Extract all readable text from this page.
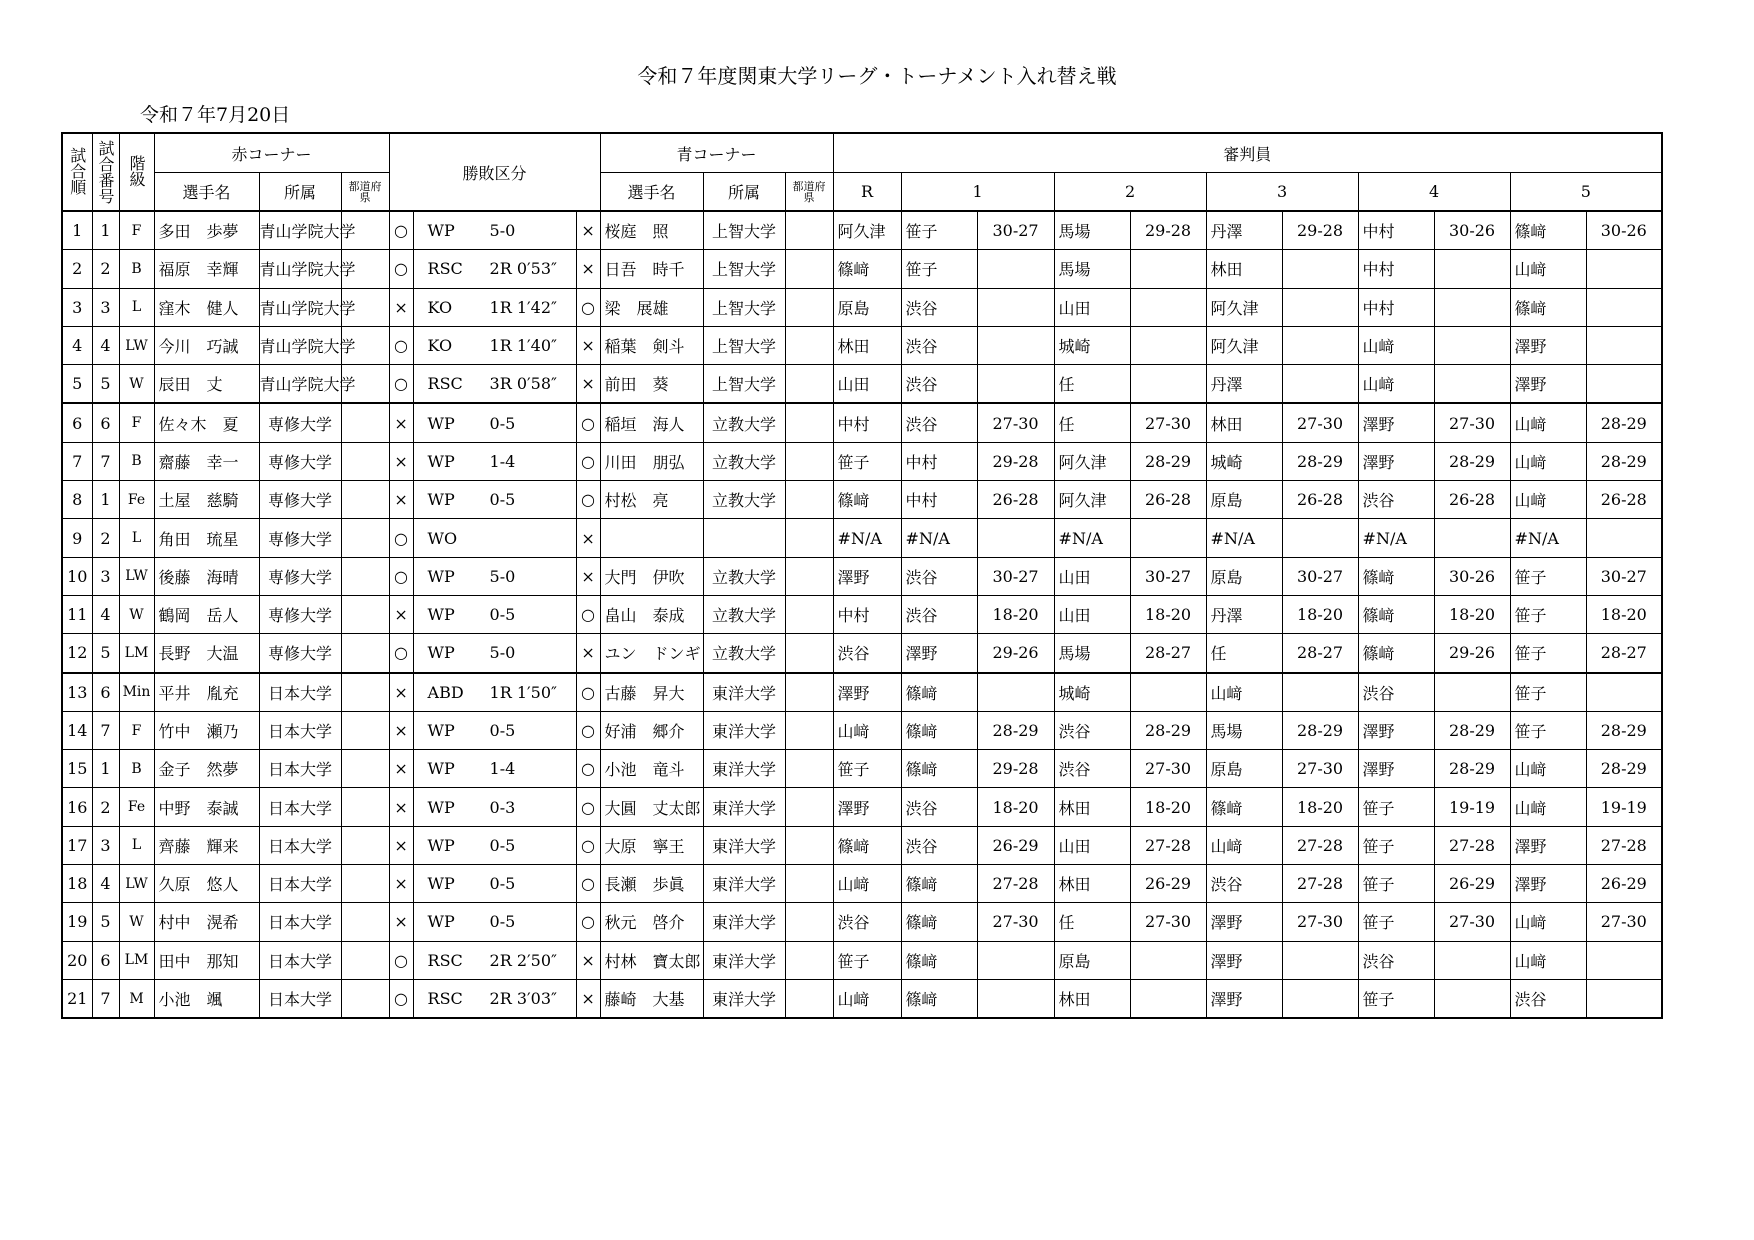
令和７年度関東大学リーグ・トーナメント入れ替え戦
令和７年7月20日
試合順	試合番号	階級	赤コーナー			勝敗区分			青コーナー			審判員										
			選手名	所属	都道府県				選手名	所属	都道府県	R	1		2		3		4		5	
1	1	F	多田　歩夢	青山学院大学		○	WP 5-0	×	桜庭　照	上智大学		阿久津	笹子	30-27	馬場	29-28	丹澤	29-28	中村	30-26	篠﨑	30-26
2	2	B	福原　幸輝	青山学院大学		○	RSC 2R 0′53″	×	日吾　時千	上智大学		篠﨑	笹子		馬場		林田		中村		山﨑	
3	3	L	窪木　健人	青山学院大学		×	KO 1R 1′42″	○	梁　展雄	上智大学		原島	渋谷		山田		阿久津		中村		篠﨑	
4	4	LW	今川　巧誠	青山学院大学		○	KO 1R 1′40″	×	稲葉　剣斗	上智大学		林田	渋谷		城崎		阿久津		山﨑		澤野	
5	5	W	辰田　丈	青山学院大学		○	RSC 3R 0′58″	×	前田　葵	上智大学		山田	渋谷		任		丹澤		山﨑		澤野	
6	6	F	佐々木　夏	専修大学		×	WP 0-5	○	稲垣　海人	立教大学		中村	渋谷	27-30	任	27-30	林田	27-30	澤野	27-30	山﨑	28-29
7	7	B	齋藤　幸一	専修大学		×	WP 1-4	○	川田　朋弘	立教大学		笹子	中村	29-28	阿久津	28-29	城崎	28-29	澤野	28-29	山﨑	28-29
8	1	Fe	土屋　慈騎	専修大学		×	WP 0-5	○	村松　亮	立教大学		篠﨑	中村	26-28	阿久津	26-28	原島	26-28	渋谷	26-28	山﨑	26-28
9	2	L	角田　琉星	専修大学		○	WO	×				#N/A	#N/A		#N/A		#N/A		#N/A		#N/A	
10	3	LW	後藤　海晴	専修大学		○	WP 5-0	×	大門　伊吹	立教大学		澤野	渋谷	30-27	山田	30-27	原島	30-27	篠﨑	30-26	笹子	30-27
11	4	W	鶴岡　岳人	専修大学		×	WP 0-5	○	畠山　泰成	立教大学		中村	渋谷	18-20	山田	18-20	丹澤	18-20	篠﨑	18-20	笹子	18-20
12	5	LM	長野　大温	専修大学		○	WP 5-0	×	ユン　ドンギ	立教大学		渋谷	澤野	29-26	馬場	28-27	任	28-27	篠﨑	29-26	笹子	28-27
13	6	Min	平井　胤充	日本大学		×	ABD 1R 1′50″	○	古藤　昇大	東洋大学		澤野	篠﨑		城崎		山﨑		渋谷		笹子	
14	7	F	竹中　瀬乃	日本大学		×	WP 0-5	○	好浦　郷介	東洋大学		山﨑	篠﨑	28-29	渋谷	28-29	馬場	28-29	澤野	28-29	笹子	28-29
15	1	B	金子　然夢	日本大学		×	WP 1-4	○	小池　竜斗	東洋大学		笹子	篠﨑	29-28	渋谷	27-30	原島	27-30	澤野	28-29	山﨑	28-29
16	2	Fe	中野　泰誠	日本大学		×	WP 0-3	○	大圓　丈太郎	東洋大学		澤野	渋谷	18-20	林田	18-20	篠﨑	18-20	笹子	19-19	山﨑	19-19
17	3	L	齊藤　輝来	日本大学		×	WP 0-5	○	大原　寧王	東洋大学		篠﨑	渋谷	26-29	山田	27-28	山﨑	27-28	笹子	27-28	澤野	27-28
18	4	LW	久原　悠人	日本大学		×	WP 0-5	○	長瀬　歩眞	東洋大学		山﨑	篠﨑	27-28	林田	26-29	渋谷	27-28	笹子	26-29	澤野	26-29
19	5	W	村中　滉希	日本大学		×	WP 0-5	○	秋元　啓介	東洋大学		渋谷	篠﨑	27-30	任	27-30	澤野	27-30	笹子	27-30	山﨑	27-30
20	6	LM	田中　那知	日本大学		○	RSC 2R 2′50″	×	村林　寶太郎	東洋大学		笹子	篠﨑		原島		澤野		渋谷		山﨑	
21	7	M	小池　颯	日本大学		○	RSC 2R 3′03″	×	藤崎　大基	東洋大学		山﨑	篠﨑		林田		澤野		笹子		渋谷	
